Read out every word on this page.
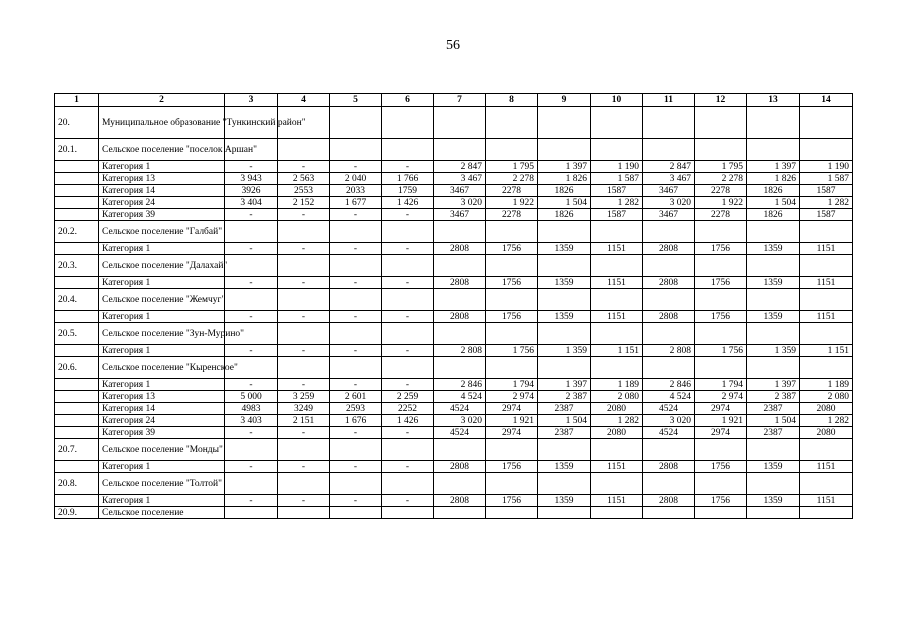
56
1	2	3	4	5	6	7	8	9	10	11	12	13	14
20.	Муниципальное образование "Тункинский район"												
20.1.	Сельское поселение "поселок Аршан"												
	Категория 1	-	-	-	-	2 847	1 795	1 397	1 190	2 847	1 795	1 397	1 190
	Категория 13	3 943	2 563	2 040	1 766	3 467	2 278	1 826	1 587	3 467	2 278	1 826	1 587
	Категория 14	3926	2553	2033	1759	3467	2278	1826	1587	3467	2278	1826	1587
	Категория 24	3 404	2 152	1 677	1 426	3 020	1 922	1 504	1 282	3 020	1 922	1 504	1 282
	Категория 39	-	-	-	-	3467	2278	1826	1587	3467	2278	1826	1587
20.2.	Сельское поселение "Галбай"												
	Категория 1	-	-	-	-	2808	1756	1359	1151	2808	1756	1359	1151
20.3.	Сельское поселение "Далахай"												
	Категория 1	-	-	-	-	2808	1756	1359	1151	2808	1756	1359	1151
20.4.	Сельское поселение "Жемчуг"												
	Категория 1	-	-	-	-	2808	1756	1359	1151	2808	1756	1359	1151
20.5.	Сельское поселение "Зун-Мурино"												
	Категория 1	-	-	-	-	2 808	1 756	1 359	1 151	2 808	1 756	1 359	1 151
20.6.	Сельское поселение "Кыренское"												
	Категория 1	-	-	-	-	2 846	1 794	1 397	1 189	2 846	1 794	1 397	1 189
	Категория 13	5 000	3 259	2 601	2 259	4 524	2 974	2 387	2 080	4 524	2 974	2 387	2 080
	Категория 14	4983	3249	2593	2252	4524	2974	2387	2080	4524	2974	2387	2080
	Категория 24	3 403	2 151	1 676	1 426	3 020	1 921	1 504	1 282	3 020	1 921	1 504	1 282
	Категория 39	-	-	-	-	4524	2974	2387	2080	4524	2974	2387	2080
20.7.	Сельское поселение "Монды"												
	Категория 1	-	-	-	-	2808	1756	1359	1151	2808	1756	1359	1151
20.8.	Сельское поселение "Толтой"												
	Категория 1	-	-	-	-	2808	1756	1359	1151	2808	1756	1359	1151
20.9.	Сельское поселение												
